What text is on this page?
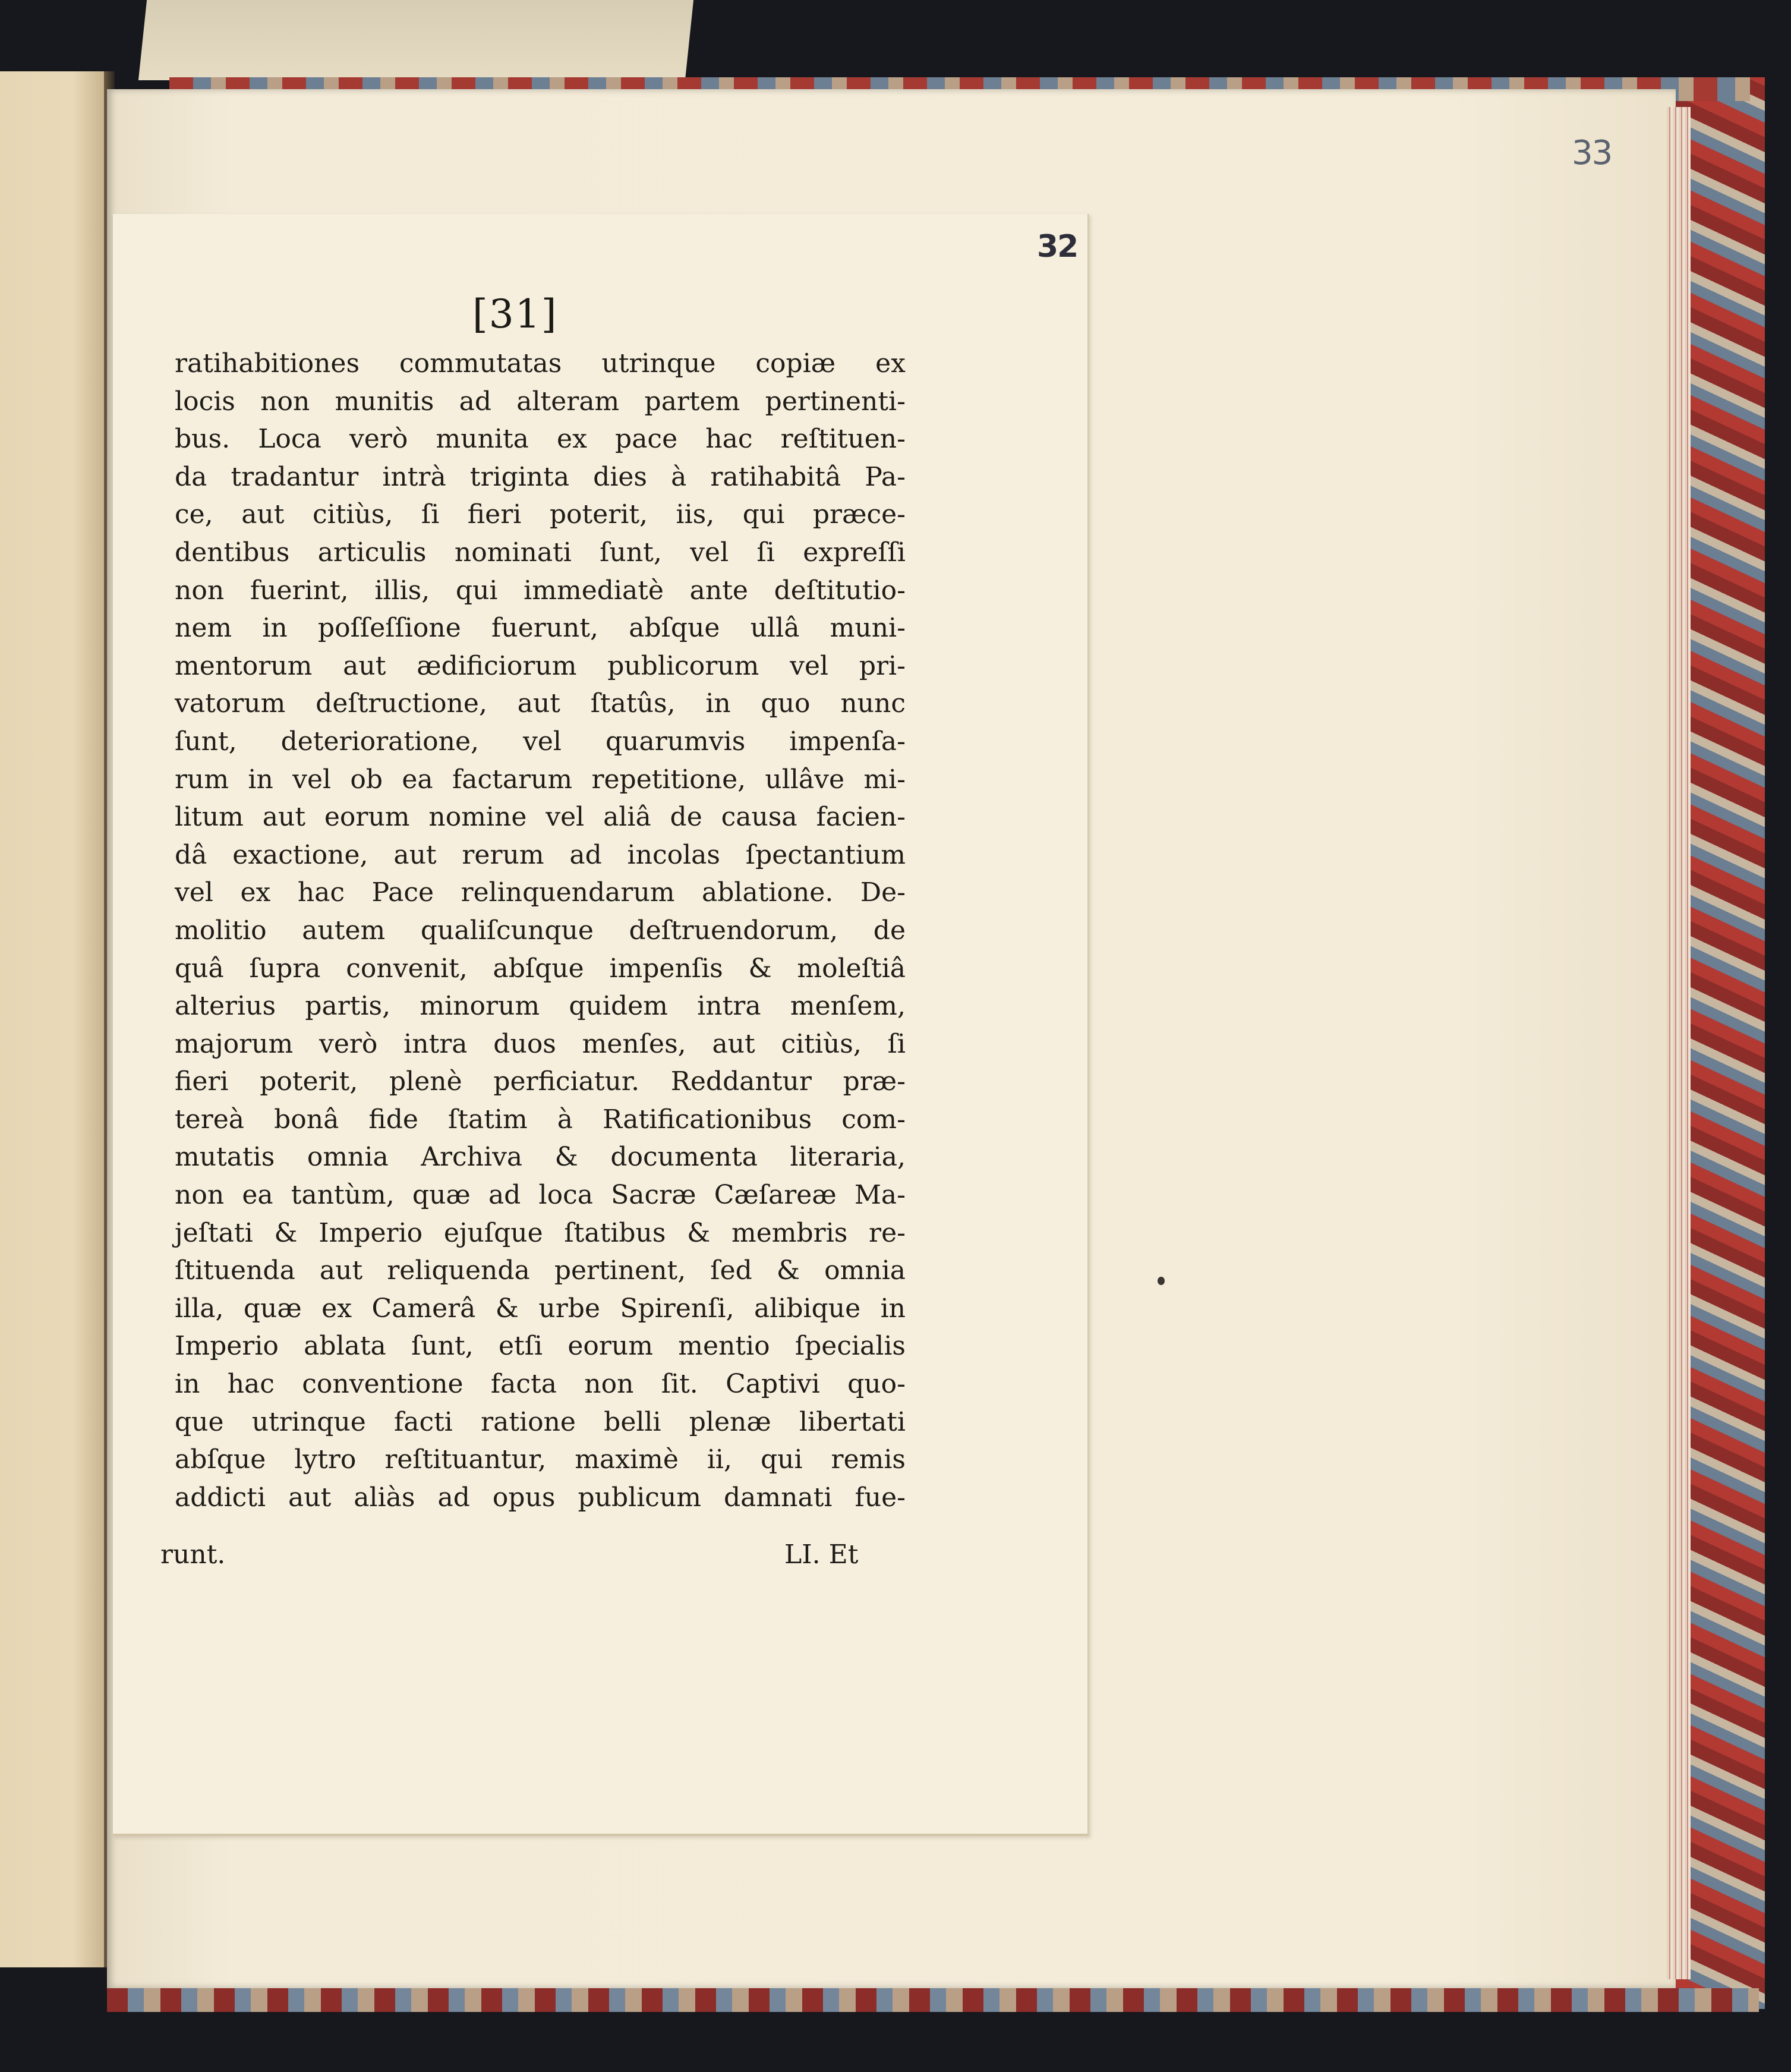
33
32
[31]
ratihabitiones commutatas utrinque copiæ ex
locis non munitis ad alteram partem pertinenti-
bus. Loca verò munita ex pace hac reſtituen-
da tradantur intrà triginta dies à ratihabitâ Pa-
ce, aut citiùs, ſi fieri poterit, iis, qui præce-
dentibus articulis nominati ſunt, vel ſi expreſſi
non fuerint, illis, qui immediatè ante deſtitutio-
nem in poſſeſſione fuerunt, abſque ullâ muni-
mentorum aut ædificiorum publicorum vel pri-
vatorum deſtructione, aut ſtatûs, in quo nunc
ſunt, deterioratione, vel quarumvis impenſa-
rum in vel ob ea factarum repetitione, ullâve mi-
litum aut eorum nomine vel aliâ de causa facien-
dâ exactione, aut rerum ad incolas ſpectantium
vel ex hac Pace relinquendarum ablatione. De-
molitio autem qualiſcunque deſtruendorum, de
quâ ſupra convenit, abſque impenſis & moleſtiâ
alterius partis, minorum quidem intra menſem,
majorum verò intra duos menſes, aut citiùs, ſi
fieri poterit, plenè perficiatur. Reddantur præ-
tereà bonâ fide ſtatim à Ratificationibus com-
mutatis omnia Archiva & documenta literaria,
non ea tantùm, quæ ad loca Sacræ Cæſareæ Ma-
jeſtati & Imperio ejuſque ſtatibus & membris re-
ſtituenda aut reliquenda pertinent, ſed & omnia
illa, quæ ex Camerâ & urbe Spirenſi, alibique in
Imperio ablata ſunt, etſi eorum mentio ſpecialis
in hac conventione facta non ſit. Captivi quo-
que utrinque facti ratione belli plenæ libertati
abſque lytro reſtituantur, maximè ii, qui remis
addicti aut aliàs ad opus publicum damnati fue-
runt.	LI. Et
